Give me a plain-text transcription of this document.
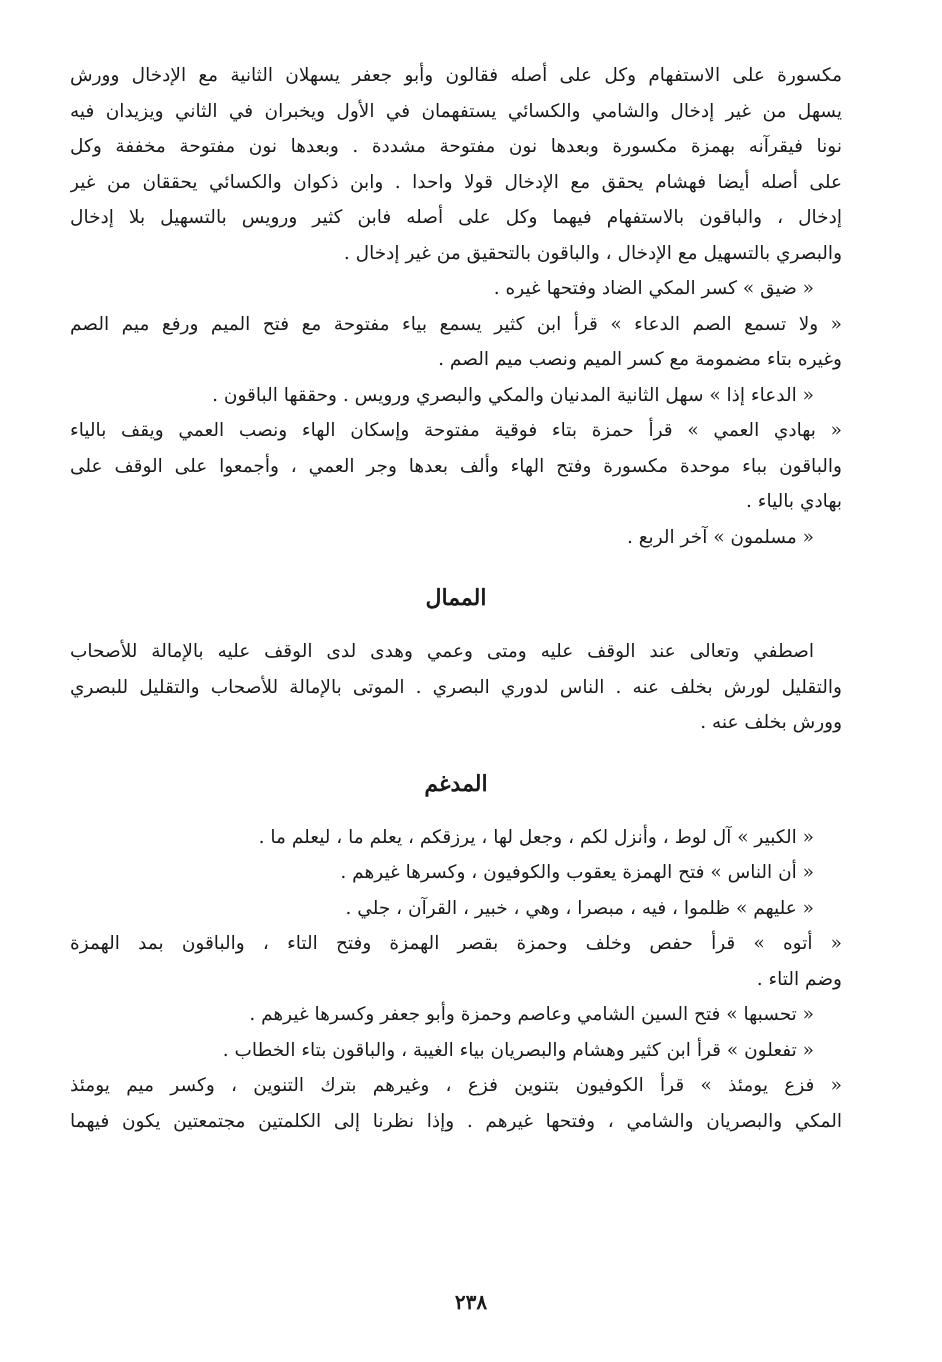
مكسورة على الاستفهام وكل على أصله فقالون وأبو جعفر يسهلان الثانية مع الإدخال وورش
يسهل من غير إدخال والشامي والكسائي يستفهمان في الأول ويخبران في الثاني ويزيدان فيه
نونا فيقرآنه بهمزة مكسورة وبعدها نون مفتوحة مشددة . وبعدها نون مفتوحة مخففة وكل
على أصله أيضا فهشام يحقق مع الإدخال قولا واحدا . وابن ذكوان والكسائي يحققان من غير
إدخال ، والباقون بالاستفهام فيهما وكل على أصله فابن كثير ورويس بالتسهيل بلا إدخال
والبصري بالتسهيل مع الإدخال ، والباقون بالتحقيق من غير إدخال .
« ضيق » كسر المكي الضاد وفتحها غيره .
« ولا تسمع الصم الدعاء » قرأ ابن كثير يسمع بياء مفتوحة مع فتح الميم ورفع ميم الصم
وغيره بتاء مضمومة مع كسر الميم ونصب ميم الصم .
« الدعاء إذا » سهل الثانية المدنيان والمكي والبصري ورويس . وحققها الباقون .
« بهادي العمي » قرأ حمزة بتاء فوقية مفتوحة وإسكان الهاء ونصب العمي ويقف بالياء
والباقون بباء موحدة مكسورة وفتح الهاء وألف بعدها وجر العمي ، وأجمعوا على الوقف على
بهادي بالياء .
« مسلمون » آخر الربع .
الممال
اصطفي وتعالى عند الوقف عليه ومتى وعمي وهدى لدى الوقف عليه بالإمالة للأصحاب
والتقليل لورش بخلف عنه . الناس لدوري البصري . الموتى بالإمالة للأصحاب والتقليل للبصري
وورش بخلف عنه .
المدغم
« الكبير » آل لوط ، وأنزل لكم ، وجعل لها ، يرزقكم ، يعلم ما ، ليعلم ما .
« أن الناس » فتح الهمزة يعقوب والكوفيون ، وكسرها غيرهم .
« عليهم » ظلموا ، فيه ، مبصرا ، وهي ، خبير ، القرآن ، جلي .
« أتوه » قرأ حفص وخلف وحمزة بقصر الهمزة وفتح التاء ، والباقون بمد الهمزة
وضم التاء .
« تحسبها » فتح السين الشامي وعاصم وحمزة وأبو جعفر وكسرها غيرهم .
« تفعلون » قرأ ابن كثير وهشام والبصريان بياء الغيبة ، والباقون بتاء الخطاب .
« فزع يومئذ » قرأ الكوفيون بتنوين فزع ، وغيرهم بترك التنوين ، وكسر ميم يومئذ
المكي والبصريان والشامي ، وفتحها غيرهم . وإذا نظرنا إلى الكلمتين مجتمعتين يكون فيهما
٢٣٨
